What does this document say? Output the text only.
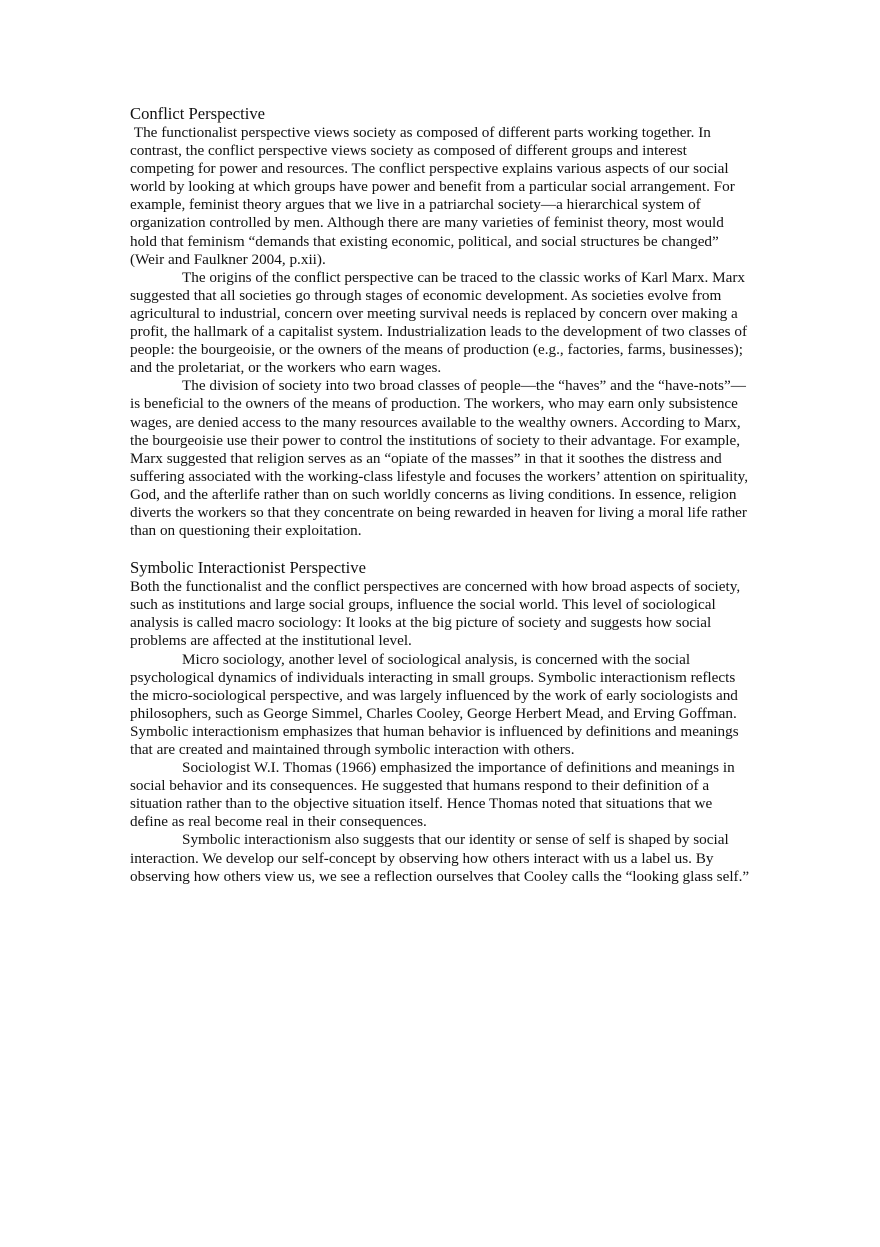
Conflict Perspective

The functionalist perspective views society as composed of different parts working together. In contrast, the conflict perspective views society as composed of different groups and interest competing for power and resources. The conflict perspective explains various aspects of our social world by looking at which groups have power and benefit from a particular social arrangement. For example, feminist theory argues that we live in a patriarchal society—a hierarchical system of organization controlled by men. Although there are many varieties of feminist theory, most would hold that feminism “demands that existing economic, political, and social structures be changed” (Weir and Faulkner 2004, p.xii).

The origins of the conflict perspective can be traced to the classic works of Karl Marx. Marx suggested that all societies go through stages of economic development. As societies evolve from agricultural to industrial, concern over meeting survival needs is replaced by concern over making a profit, the hallmark of a capitalist system. Industrialization leads to the development of two classes of people: the bourgeoisie, or the owners of the means of production (e.g., factories, farms, businesses); and the proletariat, or the workers who earn wages.

The division of society into two broad classes of people—the “haves” and the “have-nots”—is beneficial to the owners of the means of production. The workers, who may earn only subsistence wages, are denied access to the many resources available to the wealthy owners. According to Marx, the bourgeoisie use their power to control the institutions of society to their advantage. For example, Marx suggested that religion serves as an “opiate of the masses” in that it soothes the distress and suffering associated with the working-class lifestyle and focuses the workers’ attention on spirituality, God, and the afterlife rather than on such worldly concerns as living conditions. In essence, religion diverts the workers so that they concentrate on being rewarded in heaven for living a moral life rather than on questioning their exploitation.

Symbolic Interactionist Perspective

Both the functionalist and the conflict perspectives are concerned with how broad aspects of society, such as institutions and large social groups, influence the social world. This level of sociological analysis is called macro sociology: It looks at the big picture of society and suggests how social problems are affected at the institutional level.

Micro sociology, another level of sociological analysis, is concerned with the social psychological dynamics of individuals interacting in small groups. Symbolic interactionism reflects the micro-sociological perspective, and was largely influenced by the work of early sociologists and philosophers, such as George Simmel, Charles Cooley, George Herbert Mead, and Erving Goffman. Symbolic interactionism emphasizes that human behavior is influenced by definitions and meanings that are created and maintained through symbolic interaction with others.

Sociologist W.I. Thomas (1966) emphasized the importance of definitions and meanings in social behavior and its consequences. He suggested that humans respond to their definition of a situation rather than to the objective situation itself. Hence Thomas noted that situations that we define as real become real in their consequences.

Symbolic interactionism also suggests that our identity or sense of self is shaped by social interaction. We develop our self-concept by observing how others interact with us a label us. By observing how others view us, we see a reflection ourselves that Cooley calls the “looking glass self.”
